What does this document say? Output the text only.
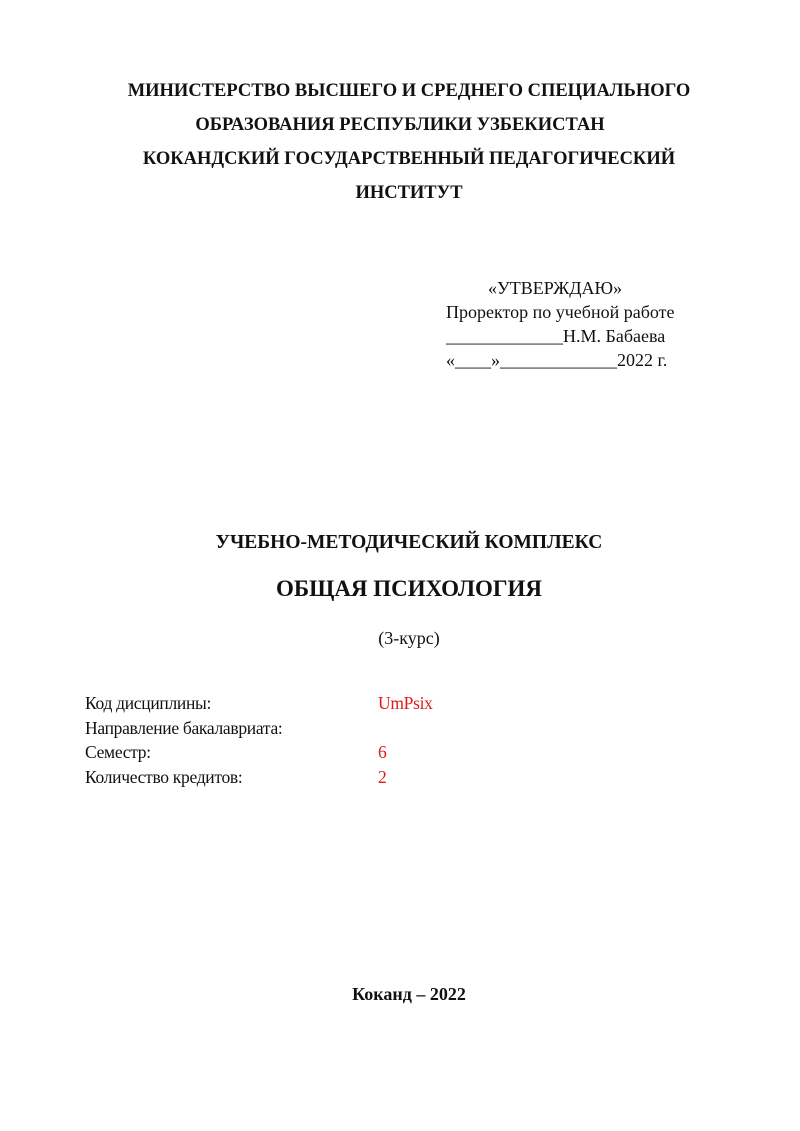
МИНИСТЕРСТВО ВЫСШЕГО И СРЕДНЕГО СПЕЦИАЛЬНОГО
ОБРАЗОВАНИЯ РЕСПУБЛИКИ УЗБЕКИСТАН
КОКАНДСКИЙ ГОСУДАРСТВЕННЫЙ ПЕДАГОГИЧЕСКИЙ
ИНСТИТУТ
«УТВЕРЖДАЮ»
Проректор по учебной работе
_____________Н.М. Бабаева
«____»_____________2022 г.
УЧЕБНО-МЕТОДИЧЕСКИЙ КОМПЛЕКС
ОБЩАЯ ПСИХОЛОГИЯ
(3-курс)
Код дисциплины:	UmPsix
Направление бакалавриата:
Семестр:	6
Количество кредитов:	2
Коканд – 2022
